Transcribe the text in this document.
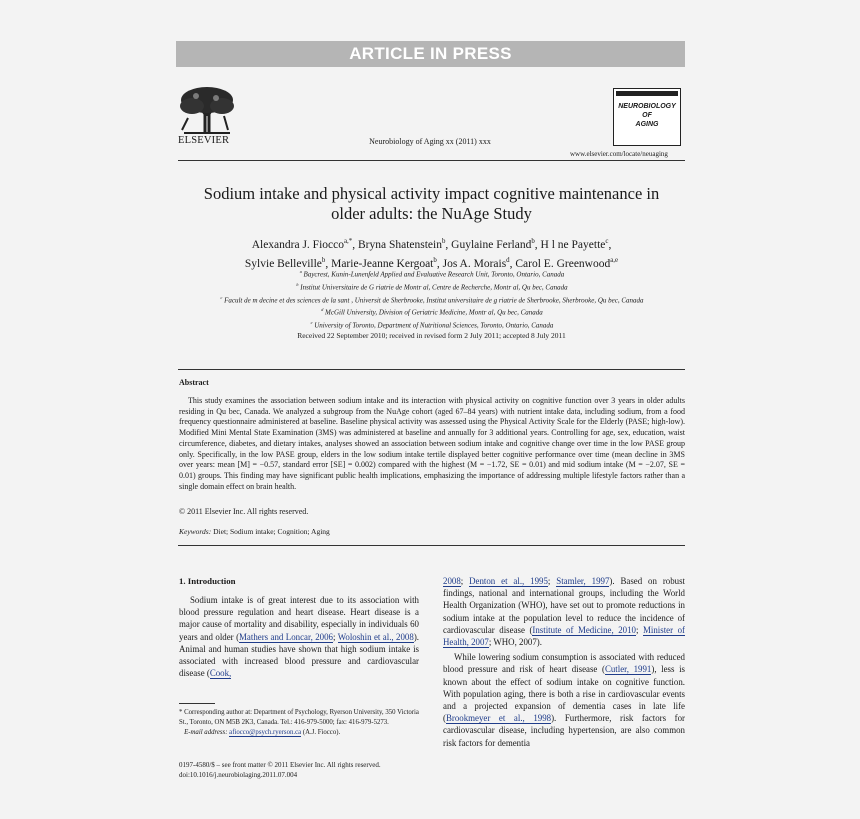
ARTICLE IN PRESS
ELSEVIER	Neurobiology of Aging xx (2011) xxx
NEUROBIOLOGY
OF
AGING
www.elsevier.com/locate/neuaging
Sodium intake and physical activity impact cognitive maintenance in
older adults: the NuAge Study
Alexandra J. Fiocco$^{a,*}$, Bryna Shatenstein$^b$, Guylaine Ferland$^b$, H l ne Payette$^c$,
Sylvie Belleville$^b$, Marie-Jeanne Kergoat$^b$, Jos A. Morais$^d$, Carol E. Greenwood$^{a,e}$
$^a$ Baycrest, Kunin-Lunenfeld Applied and Evaluative Research Unit, Toronto, Ontario, Canada
$^b$ Institut Universitaire de G riatrie de Montr al, Centre de Recherche, Montr al, Qu bec, Canada
$^c$ Facult de m decine et des sciences de la sant , Universit de Sherbrooke, Institut universitaire de g riatrie de Sherbrooke, Sherbrooke, Qu bec, Canada
$^d$ McGill University, Division of Geriatric Medicine, Montr al, Qu bec, Canada
$^e$ University of Toronto, Department of Nutritional Sciences, Toronto, Ontario, Canada
Received 22 September 2010; received in revised form 2 July 2011; accepted 8 July 2011
Abstract

This study examines the association between sodium intake and its interaction with physical activity on cognitive function over 3 years in older adults residing in Qu bec, Canada. We analyzed a subgroup from the NuAge cohort (aged 67–84 years) with nutrient intake data, including sodium, from a food frequency questionnaire administered at baseline. Baseline physical activity was assessed using the Physical Activity Scale for the Elderly (PASE; high-low). Modified Mini Mental State Examination (3MS) was administered at baseline and annually for 3 additional years. Controlling for age, sex, education, waist circumference, diabetes, and dietary intakes, analyses showed an association between sodium intake and cognitive change over time in the low PASE group only. Specifically, in the low PASE group, elders in the low sodium intake tertile displayed better cognitive performance over time (mean decline in 3MS over years: mean [M] = −0.57, standard error [SE] = 0.002) compared with the highest (M = −1.72, SE = 0.01) and mid sodium intake (M = −2.07, SE = 0.01) groups. This finding may have significant public health implications, emphasizing the importance of addressing multiple lifestyle factors rather than a single domain effect on brain health.

© 2011 Elsevier Inc. All rights reserved.
Keywords: Diet; Sodium intake; Cognition; Aging
1. Introduction

Sodium intake is of great interest due to its association with blood pressure regulation and heart disease. Heart disease is a major cause of mortality and disability, especially in individuals 60 years and older (Mathers and Loncar, 2006; Woloshin et al., 2008). Animal and human studies have shown that high sodium intake is associated with increased blood pressure and cardiovascular disease (Cook,

2008; Denton et al., 1995; Stamler, 1997). Based on robust findings, national and international groups, including the World Health Organization (WHO), have set out to promote reductions in sodium intake at the population level to reduce the incidence of cardiovascular disease (Institute of Medicine, 2010; Minister of Health, 2007; WHO, 2007).

While lowering sodium consumption is associated with reduced blood pressure and risk of heart disease (Cutler, 1991), less is known about the effect of sodium intake on cognitive function. With population aging, there is both a rise in cardiovascular events and a projected expansion of dementia cases in late life (Brookmeyer et al., 1998). Furthermore, risk factors for cardiovascular disease, including hypertension, are also common risk factors for dementia

* Corresponding author at: Department of Psychology, Ryerson University, 350 Victoria St., Toronto, ON M5B 2K3, Canada. Tel.: 416-979-5000; fax: 416-979-5273.
E-mail address: afiocco@psych.ryerson.ca (A.J. Fiocco).

0197-4580/$ – see front matter © 2011 Elsevier Inc. All rights reserved.
doi:10.1016/j.neurobiolaging.2011.07.004
